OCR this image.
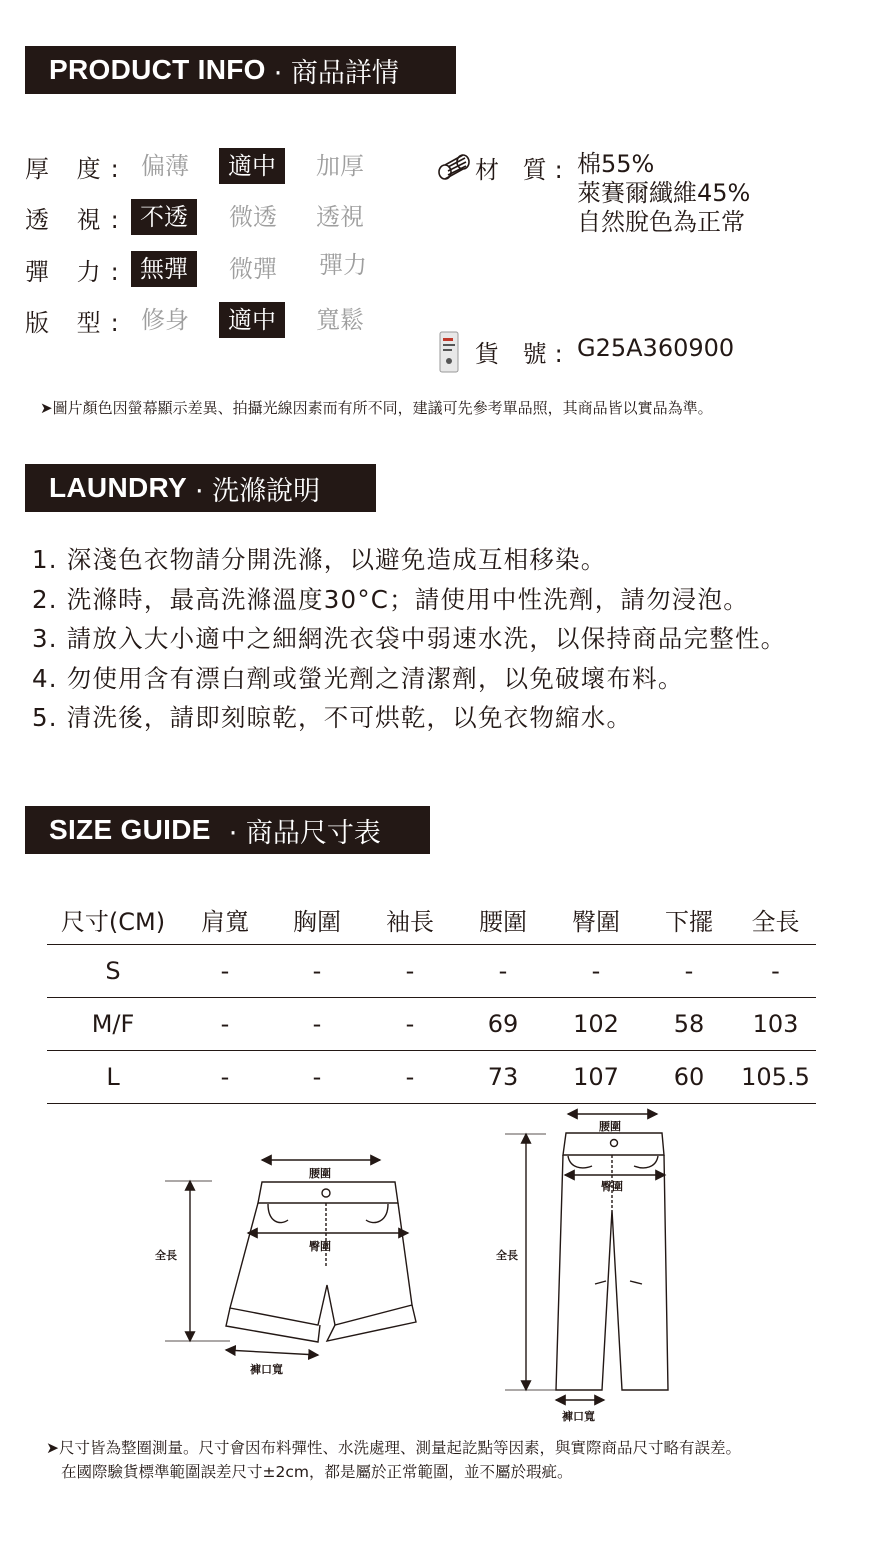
PRODUCT INFO · 商品詳情
厚 度: 偏薄	適中	加厚
透 視: 不透	微透	透視
彈 力: 無彈	微彈	彈力
版 型: 修身	適中	寬鬆
材 質: 棉55%
萊賽爾纖維45%
自然脫色為正常
貨 號: G25A360900
➤圖片顏色因螢幕顯示差異、拍攝光線因素而有所不同，建議可先參考單品照，其商品皆以實品為準。
LAUNDRY · 洗滌說明
1. 深淺色衣物請分開洗滌，以避免造成互相移染。
2. 洗滌時，最高洗滌溫度30°C；請使用中性洗劑，請勿浸泡。
3. 請放入大小適中之細網洗衣袋中弱速水洗，以保持商品完整性。
4. 勿使用含有漂白劑或螢光劑之清潔劑，以免破壞布料。
5. 清洗後，請即刻晾乾，不可烘乾，以免衣物縮水。
SIZE GUIDE · 商品尺寸表
尺寸(CM)	肩寬	胸圍	袖長	腰圍	臀圍	下擺	全長
S	-	-	-	-	-	-	-
M/F	-	-	-	69	102	58	103
L	-	-	-	73	107	60	105.5
腰圍
臀圍
全長
褲口寬
腰圍
臀圍
全長
褲口寬
➤尺寸皆為整圈測量。尺寸會因布料彈性、水洗處理、測量起訖點等因素，與實際商品尺寸略有誤差。
在國際驗貨標準範圍誤差尺寸±2cm，都是屬於正常範圍，並不屬於瑕疵。
